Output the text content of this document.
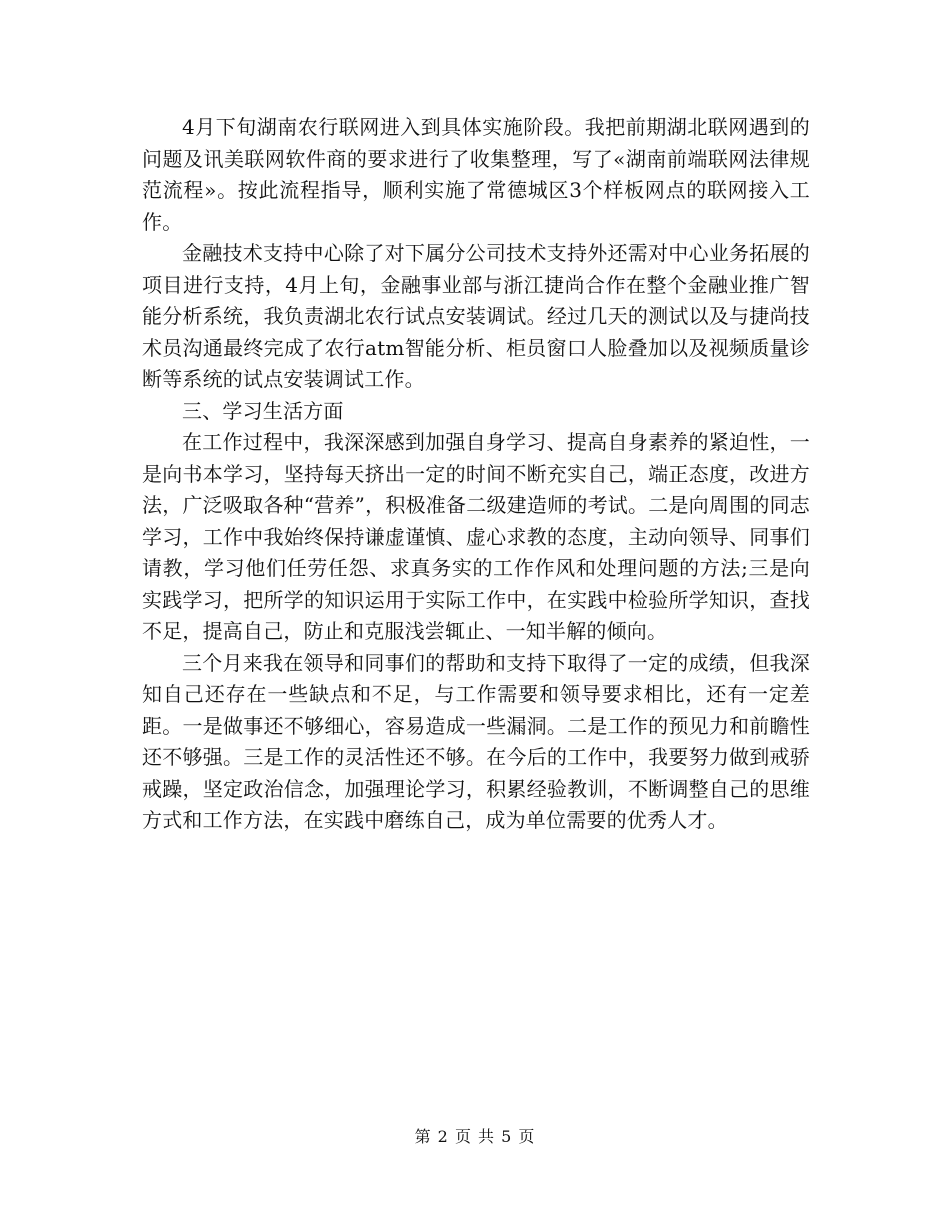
4月下旬湖南农行联网进入到具体实施阶段。我把前期湖北联网遇到的问题及讯美联网软件商的要求进行了收集整理，写了«湖南前端联网法律规范流程»。按此流程指导，顺利实施了常德城区3个样板网点的联网接入工作。

金融技术支持中心除了对下属分公司技术支持外还需对中心业务拓展的项目进行支持，4月上旬，金融事业部与浙江捷尚合作在整个金融业推广智能分析系统，我负责湖北农行试点安装调试。经过几天的测试以及与捷尚技术员沟通最终完成了农行atm智能分析、柜员窗口人脸叠加以及视频质量诊断等系统的试点安装调试工作。

三、学习生活方面

在工作过程中，我深深感到加强自身学习、提高自身素养的紧迫性，一是向书本学习，坚持每天挤出一定的时间不断充实自己，端正态度，改进方法，广泛吸取各种“营养”，积极准备二级建造师的考试。二是向周围的同志学习，工作中我始终保持谦虚谨慎、虚心求教的态度，主动向领导、同事们请教，学习他们任劳任怨、求真务实的工作作风和处理问题的方法;三是向实践学习，把所学的知识运用于实际工作中，在实践中检验所学知识，查找不足，提高自己，防止和克服浅尝辄止、一知半解的倾向。

三个月来我在领导和同事们的帮助和支持下取得了一定的成绩，但我深知自己还存在一些缺点和不足，与工作需要和领导要求相比，还有一定差距。一是做事还不够细心，容易造成一些漏洞。二是工作的预见力和前瞻性还不够强。三是工作的灵活性还不够。在今后的工作中，我要努力做到戒骄戒躁，坚定政治信念，加强理论学习，积累经验教训，不断调整自己的思维方式和工作方法，在实践中磨练自己，成为单位需要的优秀人才。

第 2 页 共 5 页
